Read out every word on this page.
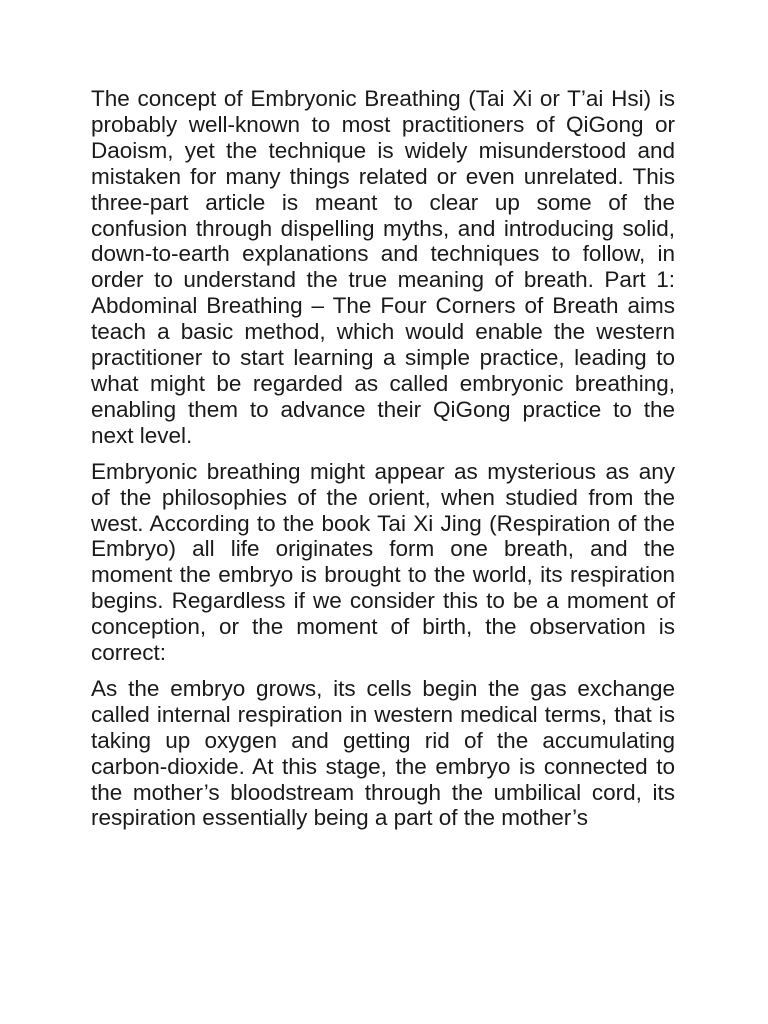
The concept of Embryonic Breathing (Tai Xi or T’ai Hsi) is probably well-known to most practitioners of QiGong or Daoism, yet the technique is widely misunderstood and mistaken for many things related or even unrelated. This three-part article is meant to clear up some of the confusion through dispelling myths, and introducing solid, down-to-earth explanations and techniques to follow, in order to understand the true meaning of breath. Part 1: Abdominal Breathing – The Four Corners of Breath aims teach a basic method, which would enable the western practitioner to start learning a simple practice, leading to what might be regarded as called embryonic breathing, enabling them to advance their QiGong practice to the next level.

Embryonic breathing might appear as mysterious as any of the philosophies of the orient, when studied from the west. According to the book Tai Xi Jing (Respiration of the Embryo) all life originates form one breath, and the moment the embryo is brought to the world, its respiration begins. Regardless if we consider this to be a moment of conception, or the moment of birth, the observation is correct:

As the embryo grows, its cells begin the gas exchange called internal respiration in western medical terms, that is taking up oxygen and getting rid of the accumulating carbon-dioxide. At this stage, the embryo is connected to the mother’s bloodstream through the umbilical cord, its respiration essentially being a part of the mother’s
